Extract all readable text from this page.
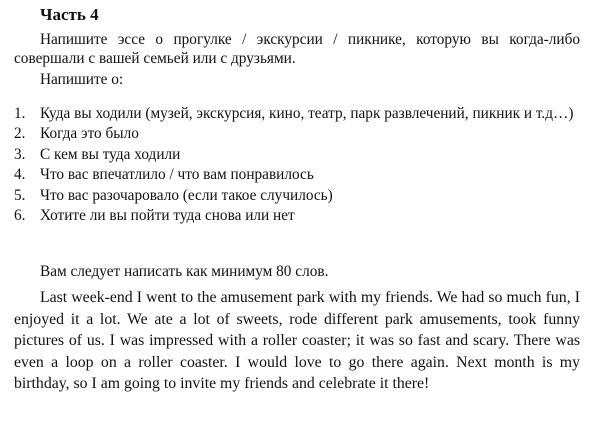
Часть 4
Напишите эссе о прогулке / экскурсии / пикнике, которую вы когда-либо совершали с вашей семьей или с друзьями.
Напишите о:
1. Куда вы ходили (музей, экскурсия, кино, театр, парк развлечений, пикник и т.д…)
2. Когда это было
3. С кем вы туда ходили
4. Что вас впечатлило / что вам понравилось
5. Что вас разочаровало (если такое случилось)
6. Хотите ли вы пойти туда снова или нет
Вам следует написать как минимум 80 слов.
Last week-end I went to the amusement park with my friends. We had so much fun, I enjoyed it a lot. We ate a lot of sweets, rode different park amusements, took funny pictures of us. I was impressed with a roller coaster; it was so fast and scary. There was even a loop on a roller coaster. I would love to go there again. Next month is my birthday, so I am going to invite my friends and celebrate it there!
